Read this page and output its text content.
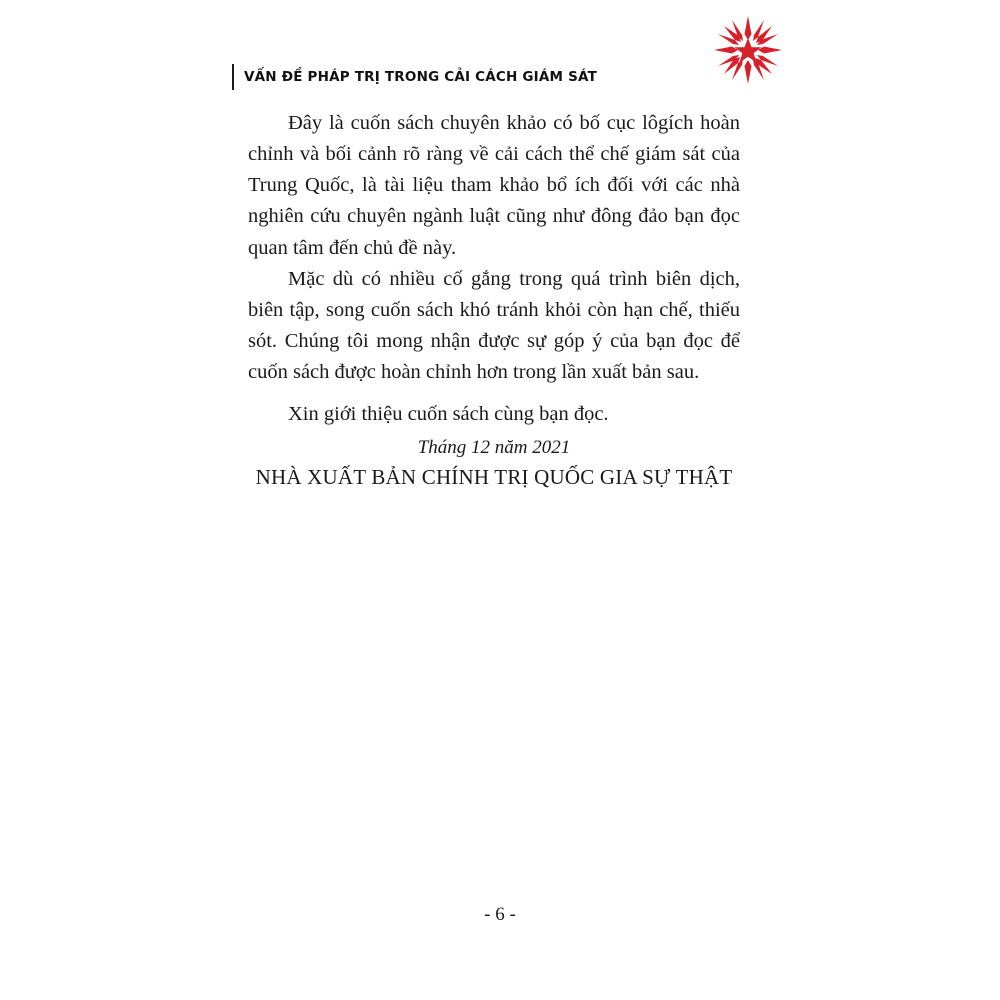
VẤN ĐỀ PHÁP TRỊ TRONG CẢI CÁCH GIÁM SÁT

Đây là cuốn sách chuyên khảo có bố cục lôgích hoàn chỉnh và bối cảnh rõ ràng về cải cách thể chế giám sát của Trung Quốc, là tài liệu tham khảo bổ ích đối với các nhà nghiên cứu chuyên ngành luật cũng như đông đảo bạn đọc quan tâm đến chủ đề này.

Mặc dù có nhiều cố gắng trong quá trình biên dịch, biên tập, song cuốn sách khó tránh khỏi còn hạn chế, thiếu sót. Chúng tôi mong nhận được sự góp ý của bạn đọc để cuốn sách được hoàn chỉnh hơn trong lần xuất bản sau.

Xin giới thiệu cuốn sách cùng bạn đọc.

Tháng 12 năm 2021

NHÀ XUẤT BẢN CHÍNH TRỊ QUỐC GIA SỰ THẬT

- 6 -
